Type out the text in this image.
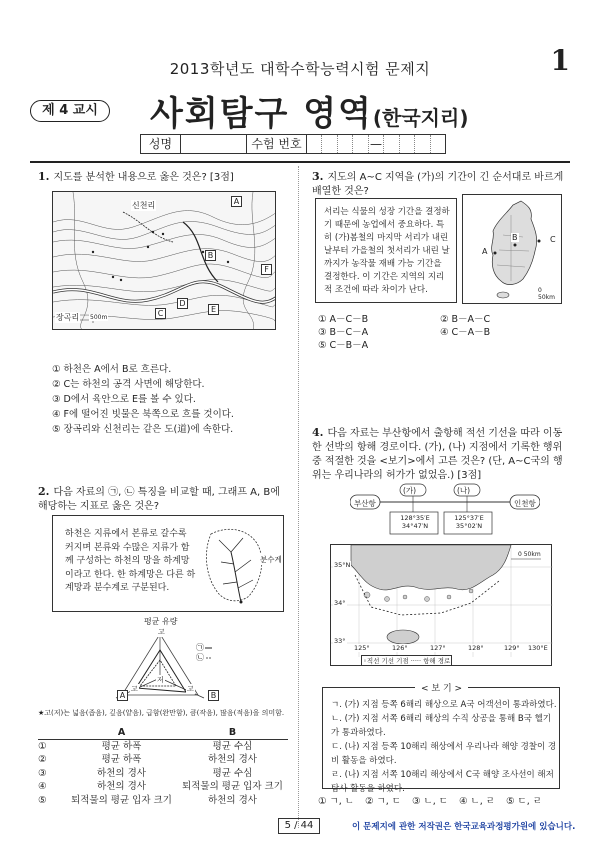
2013학년도 대학수학능력시험 문제지	1
제 4 교시	사회탐구 영역(한국지리)
성명	수험 번호	—
1. 지도를 분석한 내용으로 옳은 것은? [3점]
신천리
장곡리 500m
A
B
C
D
E
F
① 하천은 A에서 B로 흐른다.
② C는 하천의 공격 사면에 해당한다.
③ D에서 육안으로 E를 볼 수 있다.
④ F에 떨어진 빗물은 북쪽으로 흐를 것이다.
⑤ 장곡리와 신천리는 같은 도(道)에 속한다.
2. 다음 자료의 ㉠, ㉡ 특징을 비교할 때, 그래프 A, B에 해당하는 지표로 옳은 것은?
하천은 지류에서 본류로 갈수록 커지며 본류와 수많은 지류가 함께 구성하는 하천의 망을 하계망 이라고 한다. 한 하계망은 다른 하계망과 분수계로 구분된다.
분수계
평균 유량
고
㉠
㉡
저
고	고
A	B
★고(저)는 넓음(좁음), 깊음(얕음), 급함(완만함), 큼(작음), 많음(적음)을 의미함.
	A	B
①	평균 하폭	평균 수심
②	평균 하폭	하천의 경사
③	하천의 경사	평균 수심
④	하천의 경사	퇴적물의 평균 입자 크기
⑤	퇴적물의 평균 입자 크기	하천의 경사
3. 지도의 A~C 지역을 (가)의 기간이 긴 순서대로 바르게 배열한 것은?
서리는 식물의 성장 기간을 결정하기 때문에 농업에서 중요하다. 특히 (가)봄철의 마지막 서리가 내린 날부터 가을철의 첫서리가 내린 날까지가 농작물 재배 가능 기간을 결정한다. 이 기간은 지역의 지리적 조건에 따라 차이가 난다.
A
B	C
0 50km
① A－C－B	② B－A－C
③ B－C－A	④ C－A－B
⑤ C－B－A
4. 다음 자료는 부산항에서 출항해 적선 기선을 따라 이동한 선박의 항해 경로이다. (가), (나) 지점에서 기록한 행위 중 적절한 것을 <보기>에서 고른 것은? (단, A~C국의 행위는 우리나라의 허가가 없었음.) [3점]
부산항	인천항
(가)	(나)
128°35′E 34°47′N
125°37′E 35°02′N
35°N
34°
33°
125°	126°	127°	128°	129° 130°E
0 50km
◦직선 기선 기점 ····· 항해 경로
< 보 기 >
ㄱ. (가) 지점 등쪽 6해리 해상으로 A국 어객선이 통과하였다.
ㄴ. (가) 지점 서쪽 6해리 해상의 수직 상공을 통해 B국 헬기가 통과하였다.
ㄷ. (나) 지점 등쪽 10해리 해상에서 우리나라 해양 경찰이 경비 활동을 하였다.
ㄹ. (나) 지점 서쪽 10해리 해상에서 C국 해양 조사선이 해저 탐사 활동을 하였다.
① ㄱ, ㄴ ② ㄱ, ㄷ ③ ㄴ, ㄷ ④ ㄴ, ㄹ ⑤ ㄷ, ㄹ
5 / 44	이 문제지에 관한 저작권은 한국교육과정평가원에 있습니다.
